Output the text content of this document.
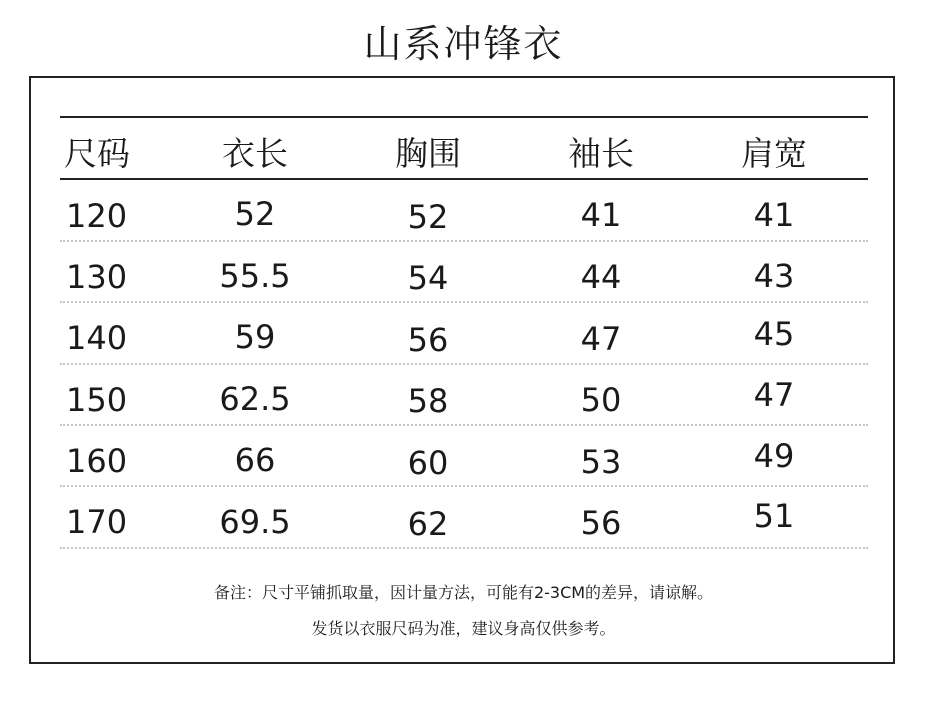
山系冲锋衣
尺码	衣长	胸围	袖长	肩宽
120	52	52	41	41
130	55.5	54	44	43
140	59	56	47	45
150	62.5	58	50	47
160	66	60	53	49
170	69.5	62	56	51
备注：尺寸平铺抓取量，因计量方法，可能有2-3CM的差异，请谅解。
发货以衣服尺码为准，建议身高仅供参考。
